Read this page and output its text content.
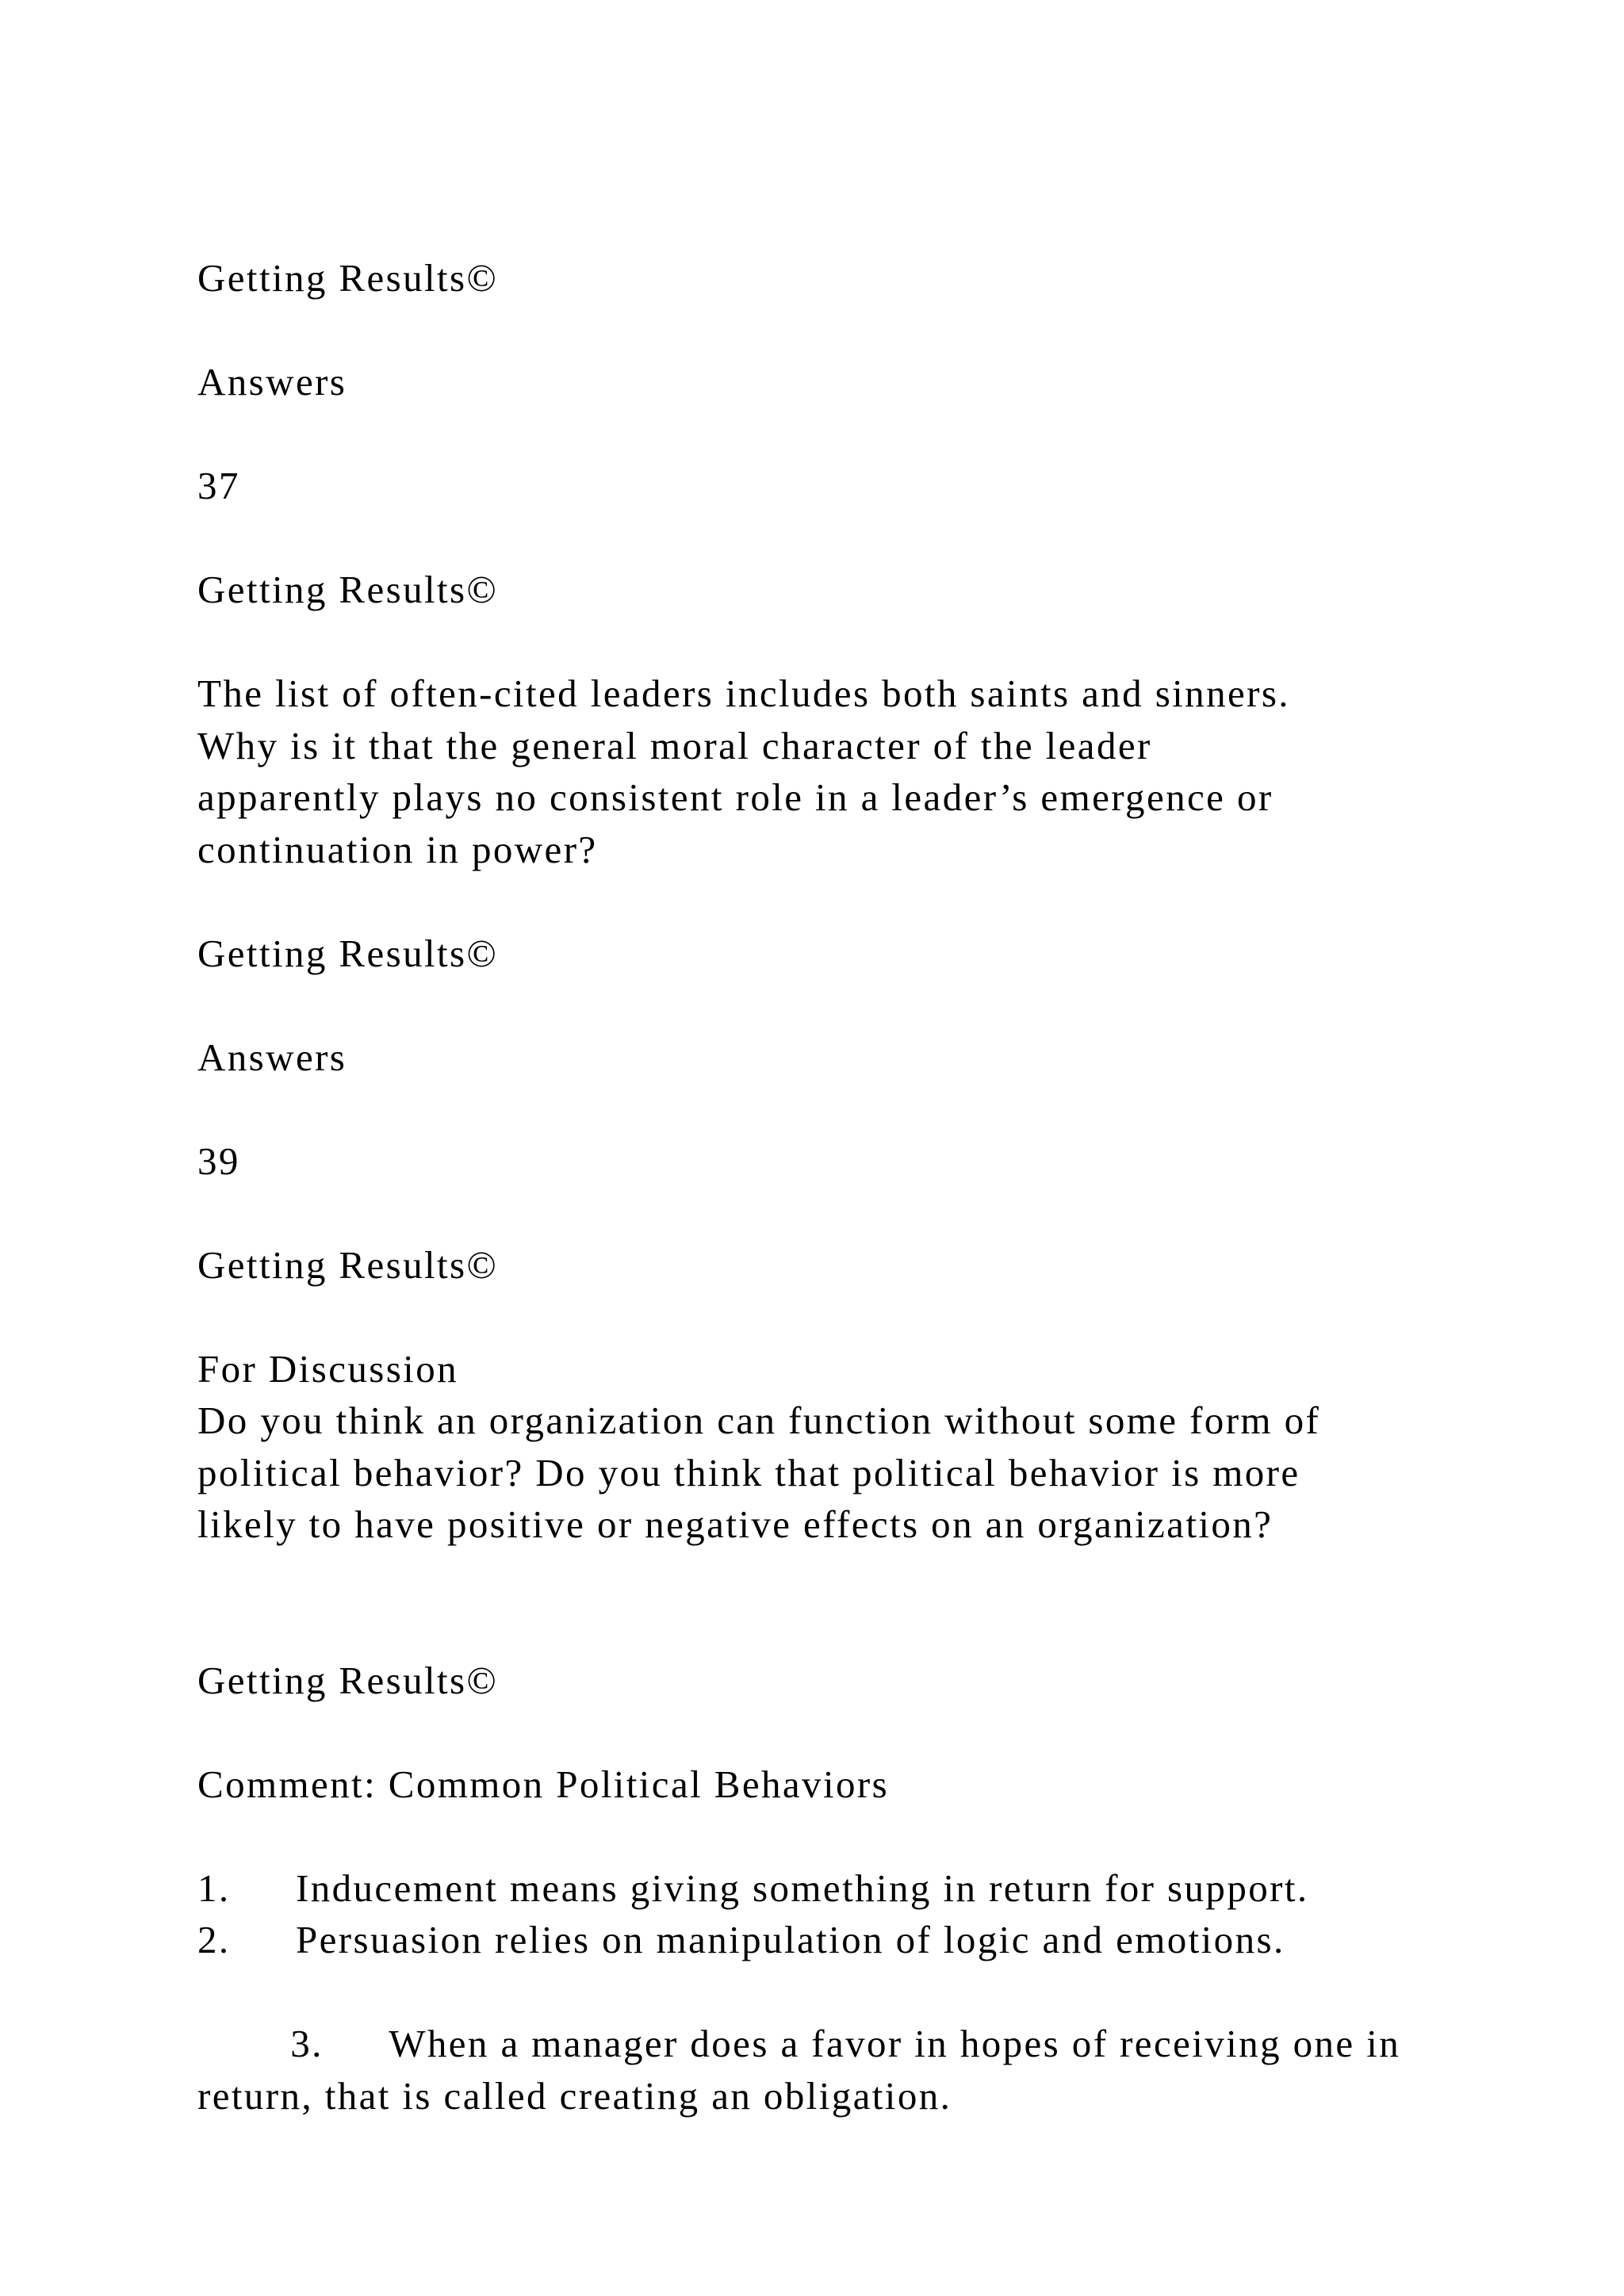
Getting Results©

Answers

37

Getting Results©

The list of often-cited leaders includes both saints and sinners.
Why is it that the general moral character of the leader
apparently plays no consistent role in a leader’s emergence or
continuation in power?

Getting Results©

Answers

39

Getting Results©

For Discussion
Do you think an organization can function without some form of
political behavior? Do you think that political behavior is more
likely to have positive or negative effects on an organization?

Getting Results©

Comment: Common Political Behaviors

1. Inducement means giving something in return for support.
2. Persuasion relies on manipulation of logic and emotions.

3. When a manager does a favor in hopes of receiving one in
return, that is called creating an obligation.
